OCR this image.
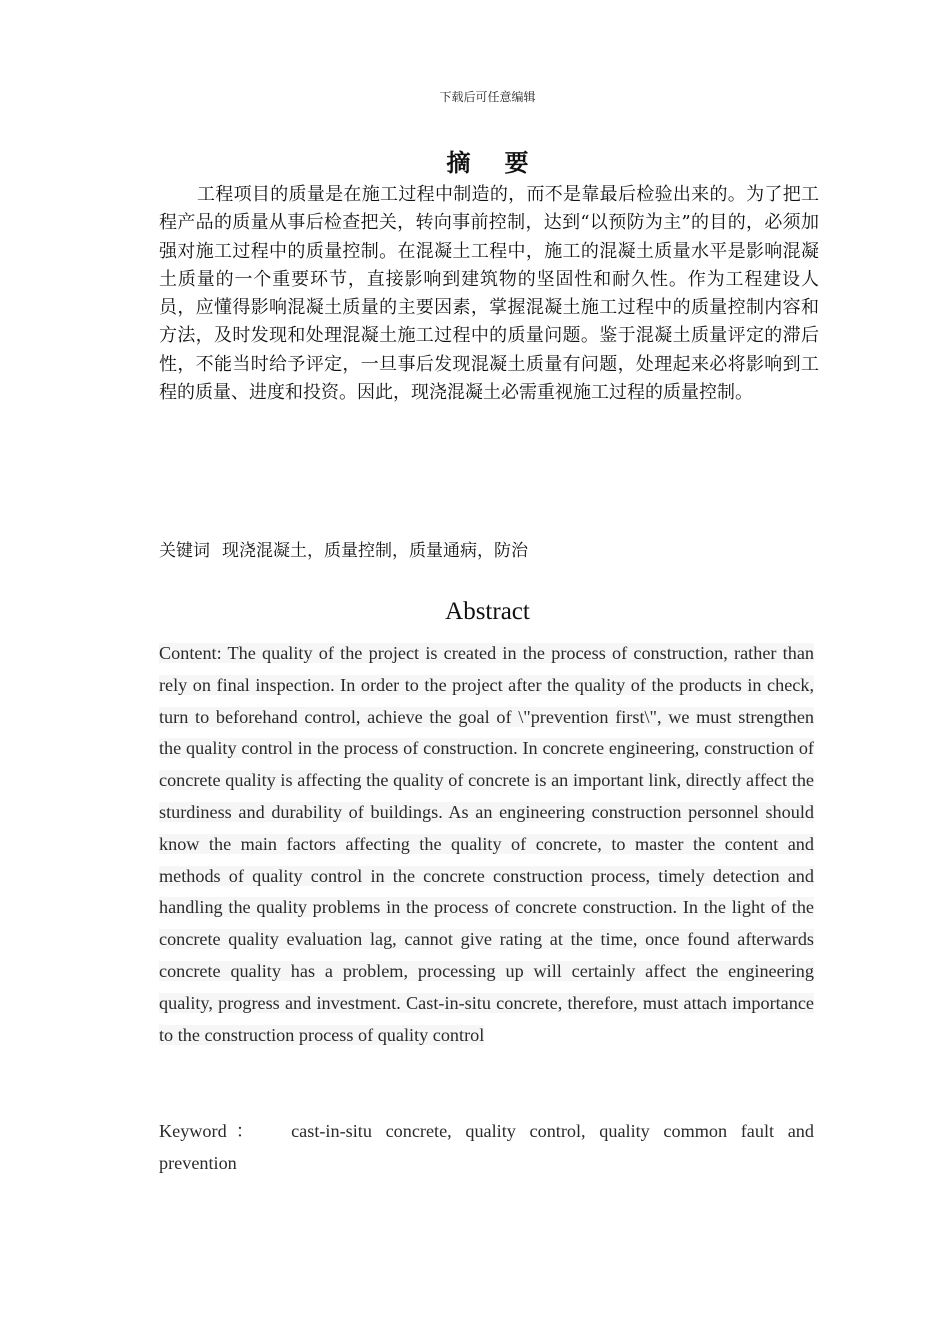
下载后可任意编辑
摘要

工程项目的质量是在施工过程中制造的，而不是靠最后检验出来的。为了把工程产品的质量从事后检查把关，转向事前控制，达到“以预防为主”的目的，必须加强对施工过程中的质量控制。在混凝土工程中，施工的混凝土质量水平是影响混凝土质量的一个重要环节，直接影响到建筑物的坚固性和耐久性。作为工程建设人员，应懂得影响混凝土质量的主要因素，掌握混凝土施工过程中的质量控制内容和方法，及时发现和处理混凝土施工过程中的质量问题。鉴于混凝土质量评定的滞后性，不能当时给予评定，一旦事后发现混凝土质量有问题，处理起来必将影响到工程的质量、进度和投资。因此，现浇混凝土必需重视施工过程的质量控制。

关键词 现浇混凝土，质量控制，质量通病，防治
Abstract

Content: The quality of the project is created in the process of construction, rather than rely on final inspection. In order to the project after the quality of the products in check, turn to beforehand control, achieve the goal of \"prevention first\", we must strengthen the quality control in the process of construction. In concrete engineering, construction of concrete quality is affecting the quality of concrete is an important link, directly affect the sturdiness and durability of buildings. As an engineering construction personnel should know the main factors affecting the quality of concrete, to master the content and methods of quality control in the concrete construction process, timely detection and handling the quality problems in the process of concrete construction. In the light of the concrete quality evaluation lag, cannot give rating at the time, once found afterwards concrete quality has a problem, processing up will certainly affect the engineering quality, progress and investment. Cast-in-situ concrete, therefore, must attach importance to the construction process of quality control

Keyword： cast-in-situ concrete, quality control, quality common fault and prevention
